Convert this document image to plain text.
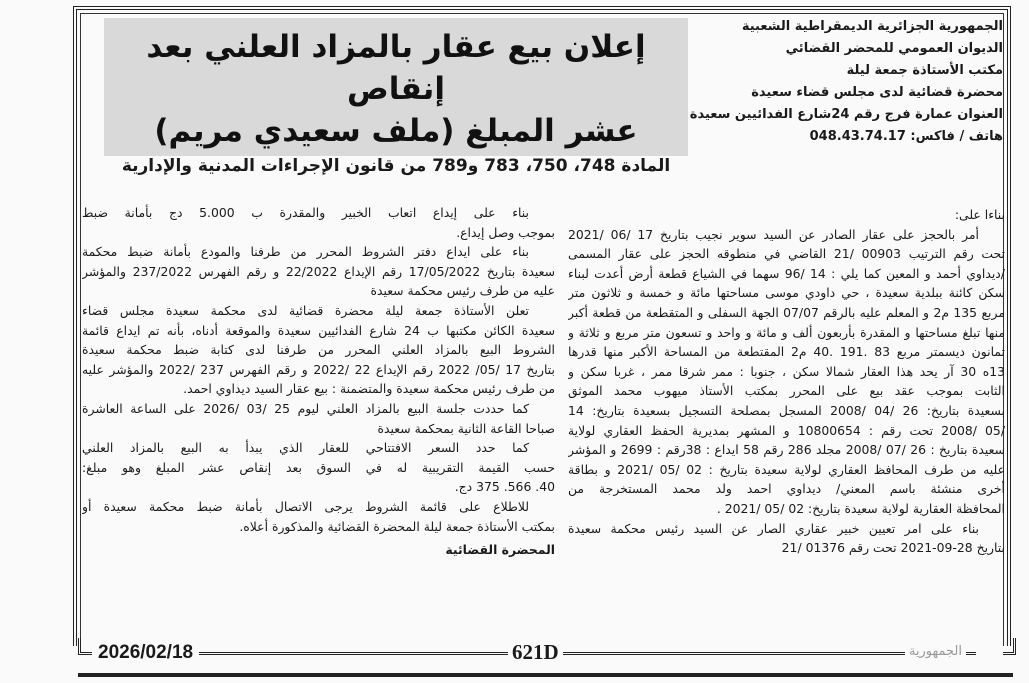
الجمهورية الجزائرية الديمقراطية الشعبية
الديوان العمومي للمحضر القضائي
مكتب الأستاذة جمعة ليلة
محضرة قضائية لدى مجلس قضاء سعيدة
العنوان عمارة فرج رقم 24شارع الفدائيين سعيدة
هاتف / فاكس: 048.43.74.17
إعلان بيع عقار بالمزاد العلني بعد إنقاص
عشر المبلغ (ملف سعيدي مريم)
المادة 748، 750، 783 و789 من قانون الإجراءات المدنية والإدارية
بناءا على:
أمر بالحجز على عقار الصادر عن السيد سوير نجيب بتاريخ 17 /06 /2021
تحت رقم الترتيب 00903 /21 القاضي في منطوقه الحجز على عقار المسمى
/ديداوي أحمد و المعين كما يلي : 14 /96 سهما في الشياع قطعة أرض أعدت لبناء
سكن كائنة ببلدية سعيدة ، حي داودي موسى مساحتها مائة و خمسة و ثلاثون متر
مربع 135 م2 و المعلم عليه بالرقم 07/07 الجهة السفلى و المتقطعة من قطعة أكبر
منها تبلغ مساحتها و المقدرة بأربعون ألف و مائة و واحد و تسعون متر مربع و ثلاثة و
ثمانون ديسمتر مربع 83 .191 .40 م2 المقتطعة من المساحة الأكبر منها قدرها
13ه 30 آر يحد هذا العقار شمالا سكن ، جنوبا : ممر شرقا ممر ، غربا سكن و
الثابت بموجب عقد بيع على المحرر بمكتب الأستاذ ميهوب محمد الموثق
بسعيدة بتاريخ: 26 /04 /2008 المسجل بمصلحة التسجيل بسعيدة بتاريخ: 14
/05 /2008 تحت رقم : 10800654 و المشهر بمديرية الحفظ العقاري لولاية
سعيدة بتاريخ : 26 /07 /2008 مجلد 286 رقم 58 ايداع : 38رقم : 2699 و المؤشر
عليه من طرف المحافظ العقاري لولاية سعيدة بتاريخ : 02 /05 /2021 و بطاقة
أخرى منشئة باسم المعني/ ديداوي احمد ولد محمد المستخرجة من
المحافظة العقارية لولاية سعيدة بتاريخ: 02 /05 /2021 .
بناء على امر تعيين خبير عقاري الصار عن السيد رئيس محكمة سعيدة
بتاريخ 28-09-2021 تحت رقم 01376 /21
بناء على إيداع اتعاب الخبير والمقدرة ب 5.000 دج بأمانة ضبط
بموجب وصل إيداع.
بناء على ايداع دفتر الشروط المحرر من طرفنا والمودع بأمانة ضبط محكمة
سعيدة بتاريخ 17/05/2022 رقم الإيداع 22/2022 و رقم الفهرس 237/2022 والمؤشر
عليه من طرف رئيس محكمة سعيدة
تعلن الأستاذة جمعة ليلة محضرة قضائية لدى محكمة سعيدة مجلس قضاء
سعيدة الكائن مكتبها ب 24 شارع الفدائيين سعيدة والموقعة أدناه، بأنه تم ايداع قائمة
الشروط البيع بالمزاد العلني المحرر من طرفنا لدى كتابة ضبط محكمة سعيدة
بتاريخ 17 /05/ 2022 رقم الإيداع 22 /2022 و رقم الفهرس 237 /2022 والمؤشر عليه
من طرف رئيس محكمة سعيدة والمتضمنة : بيع عقار السيد ديداوي احمد.
كما حددت جلسة البيع بالمزاد العلني ليوم 25 /03 /2026 على الساعة العاشرة
صباحا القاعة الثانية بمحكمة سعيدة
كما حدد السعر الافتتاحي للعقار الذي يبدأ به البيع بالمزاد العلني
حسب القيمة التقريبية له في السوق بعد إنقاص عشر المبلغ وهو مبلغ:
40. 566. 375 دج.
للاطلاع على قائمة الشروط يرجى الاتصال بأمانة ضبط محكمة سعيدة أو
بمكتب الأستاذة جمعة ليلة المحضرة القضائية والمذكورة أعلاه.
المحضرة القضائية
2026/02/18	621D	الجمهورية
